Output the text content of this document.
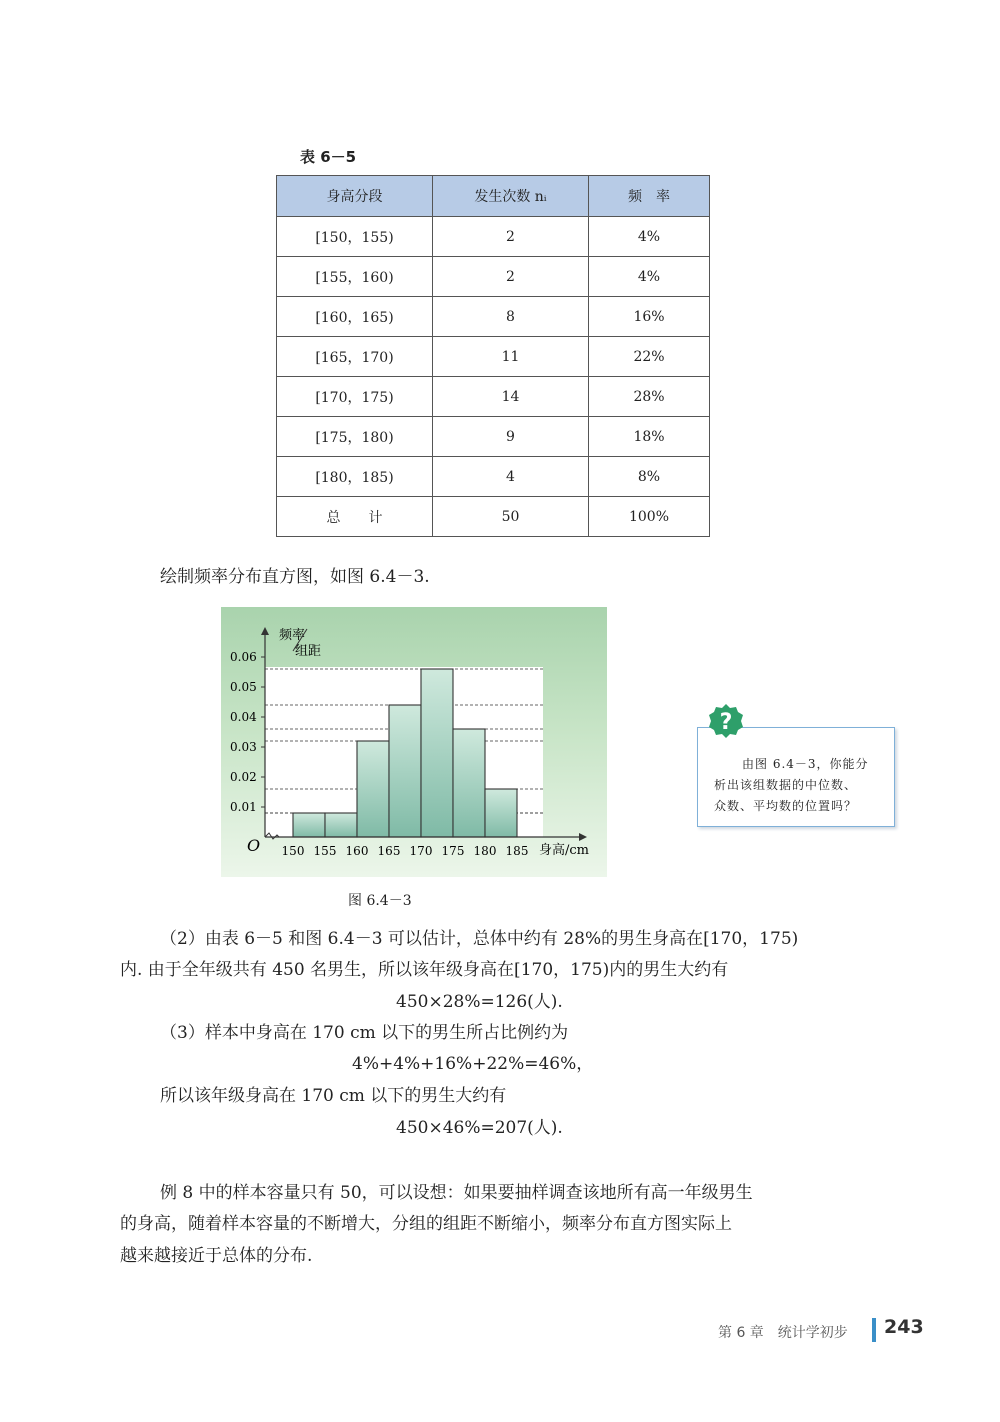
表 6－5
身高分段	发生次数 nᵢ	频　率
[150，155)	2	4%
[155，160)	2	4%
[160，165)	8	16%
[165，170)	11	22%
[170，175)	14	28%
[175，180)	9	18%
[180，185)	4	8%
总　　计	50	100%
绘制频率分布直方图，如图 6.4－3.
0.01
0.02
0.03
0.04
0.05
0.06
150 155 160 165 170 175 180 185
O
频率
组距
身高/cm
图 6.4－3
?
由图 6.4－3，你能分
析出该组数据的中位数、
众数、平均数的位置吗？
（2）由表 6－5 和图 6.4－3 可以估计，总体中约有 28%的男生身高在[170，175)
内. 由于全年级共有 450 名男生，所以该年级身高在[170，175)内的男生大约有
450×28%=126(人).
（3）样本中身高在 170 cm 以下的男生所占比例约为
4%+4%+16%+22%=46%，
所以该年级身高在 170 cm 以下的男生大约有
450×46%=207(人).
例 8 中的样本容量只有 50，可以设想：如果要抽样调查该地所有高一年级男生
的身高，随着样本容量的不断增大，分组的组距不断缩小，频率分布直方图实际上
越来越接近于总体的分布.
第 6 章　统计学初步 243
